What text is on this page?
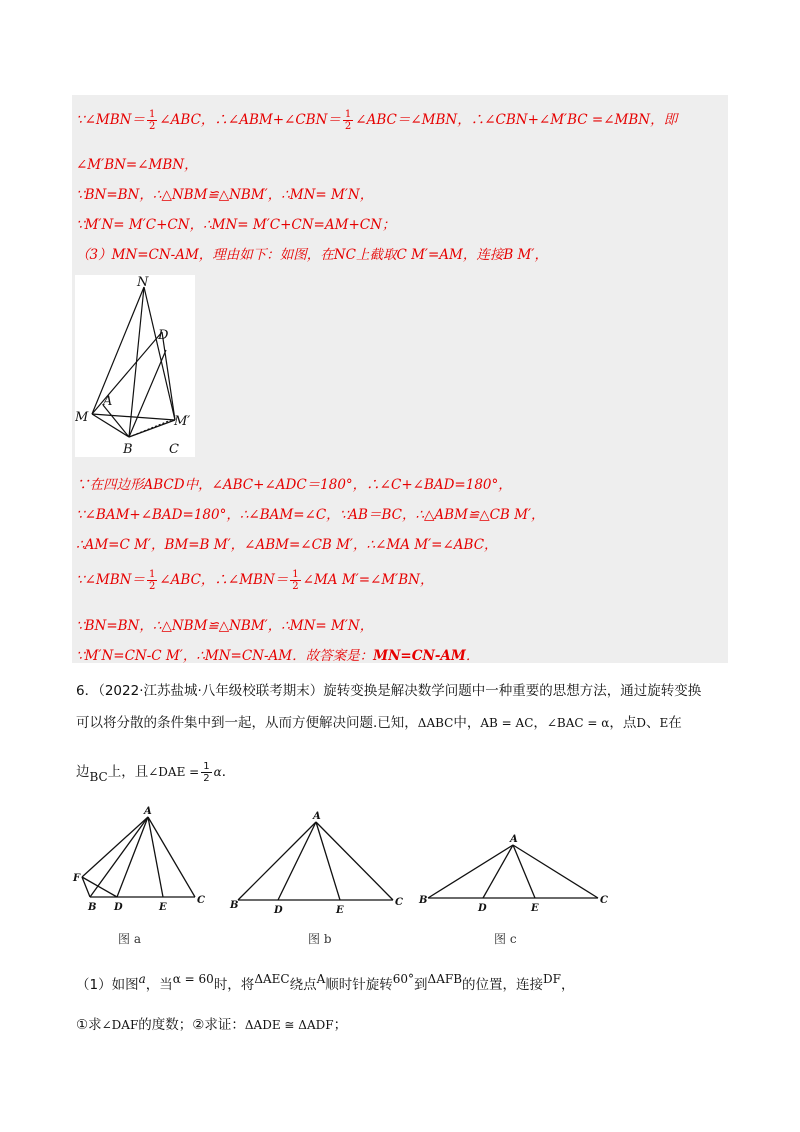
∵∠MBN＝ $\frac{1}{2}$ ∠ABC，∴∠ABM+∠CBN＝ $\frac{1}{2}$ ∠ABC＝∠MBN，∴∠CBN+∠M′BC =∠MBN，即
∠M′BN=∠MBN，
∵BN=BN，∴△NBM≌△NBM′，∴MN= M′N，
∵M′N= M′C+CN，∴MN= M′C+CN=AM+CN；
（3）MN=CN-AM，理由如下：如图，在NC上截取C M′=AM，连接B M′，
N
D
A
M	M′
B	C
∵在四边形ABCD中，∠ABC+∠ADC＝180°，∴∠C+∠BAD=180°，
∵∠BAM+∠BAD=180°，∴∠BAM=∠C，∵AB＝BC，∴△ABM≌△CB M′，
∴AM=C M′，BM=B M′，∠ABM=∠CB M′，∴∠MA M′=∠ABC，
∵∠MBN＝ $\frac{1}{2}$ ∠ABC，∴∠MBN＝ $\frac{1}{2}$ ∠MA M′=∠M′BN，
∵BN=BN，∴△NBM≌△NBM′，∴MN= M′N，
∵M′N=CN-C M′，∴MN=CN-AM．故答案是：MN=CN-AM．
6．（2022·江苏盐城·八年级校联考期末）旋转变换是解决数学问题中一种重要的思想方法，通过旋转变换
可以将分散的条件集中到一起，从而方便解决问题.已知，ΔABC中，AB = AC，∠BAC = α，点D、E在
边BC上，且∠DAE = $\frac{1}{2}$ α．
A
F
B D	E
C
图 a
A
B	D	E
C
图 b
A
B
D	E
C
图 c
（1）如图a，当α = 60时，将ΔAEC绕点A顺时针旋转60°到ΔAFB的位置，连接DF，
①求∠DAF的度数；②求证：ΔADE ≅ ΔADF；
